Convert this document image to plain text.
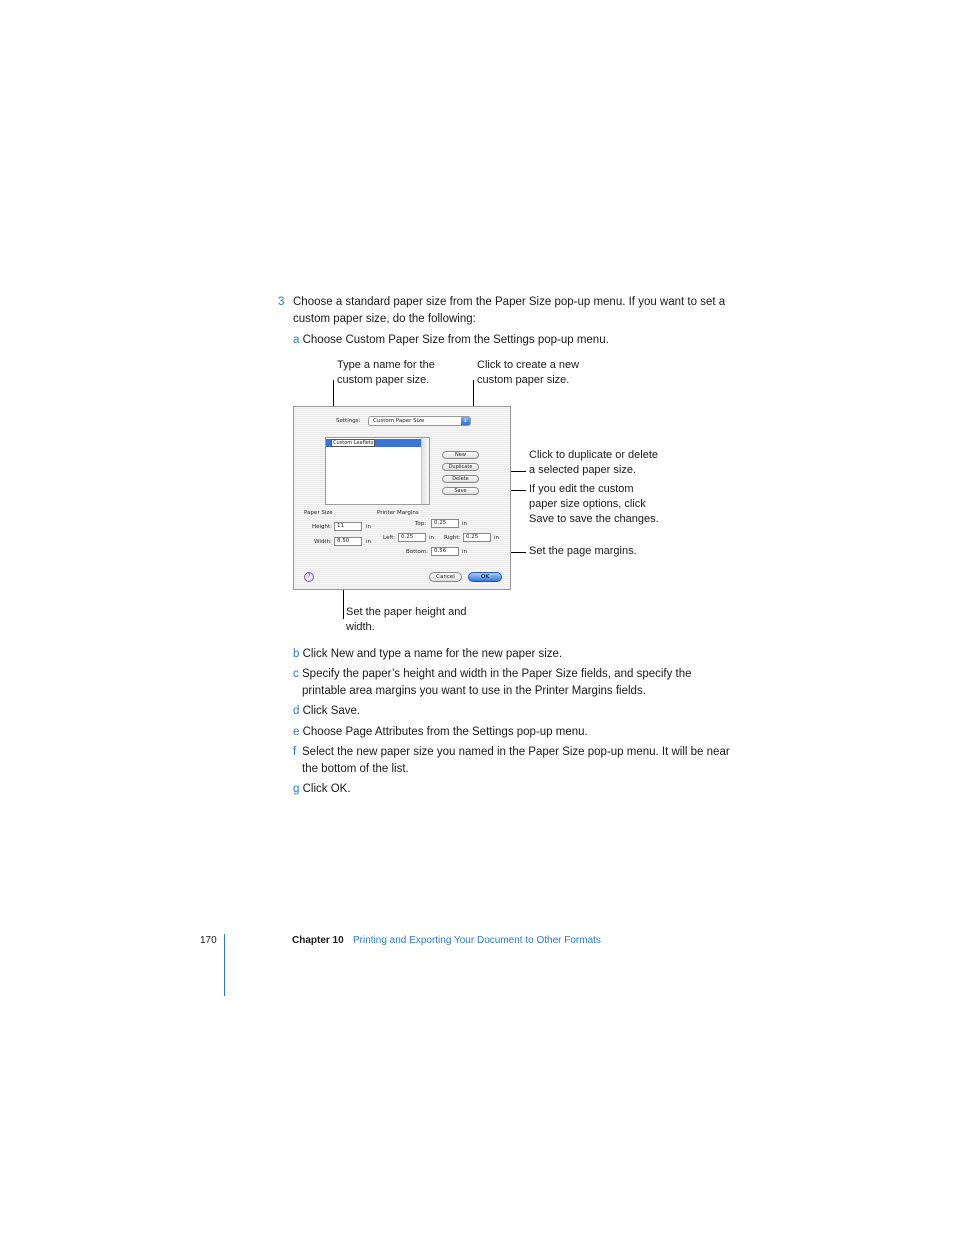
3 Choose a standard paper size from the Paper Size pop-up menu. If you want to set a
custom paper size, do the following:
a Choose Custom Paper Size from the Settings pop-up menu.
Type a name for the
custom paper size.
Click to create a new
custom paper size.
Click to duplicate or delete
a selected paper size.
If you edit the custom
paper size options, click
Save to save the changes.
Set the page margins.
Set the paper height and
width.
Settings:	Custom Paper Size	⇕
Custom Leaflets
New
Duplicate
Delete
Save
Paper Size
Height: 11	in
Width: 8.50	in
Printer Margins
Top:	0.25	in
Left:	0.25	in Right:	0.25	in
Bottom:	0.56	in
?	Cancel	OK
b Click New and type a name for the new paper size.
c Specify the paper’s height and width in the Paper Size fields, and specify the
printable area margins you want to use in the Printer Margins fields.
d Click Save.
e Choose Page Attributes from the Settings pop-up menu.
f Select the new paper size you named in the Paper Size pop-up menu. It will be near
the bottom of the list.
g Click OK.
170	Chapter 10 Printing and Exporting Your Document to Other Formats
